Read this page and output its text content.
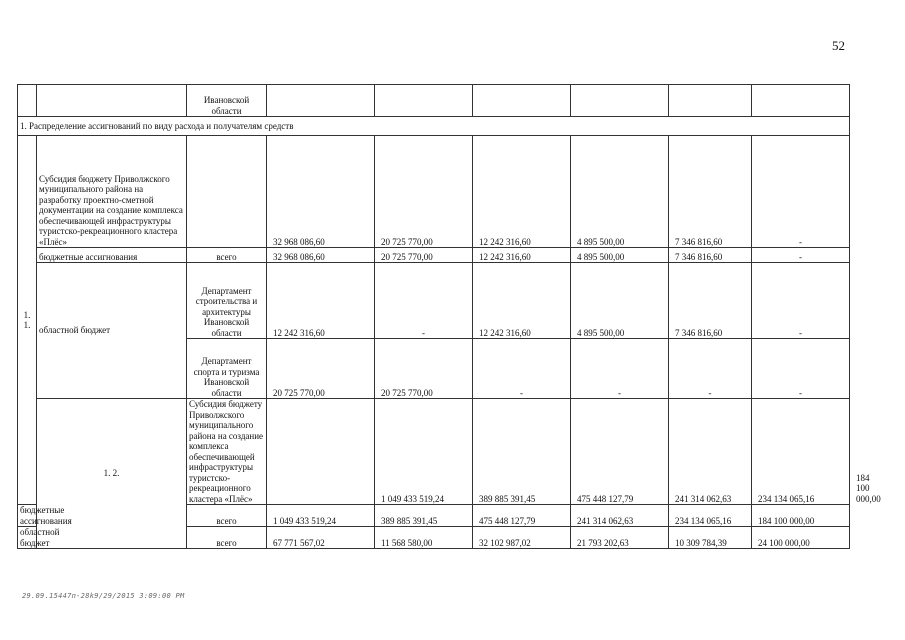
52
		Ивановской области							
1. Распределение ассигнований по виду расхода и получателям средств									
1. 1.	Субсидия бюджету Приволжского муниципального района на разработку проектно-сметной документации на создание комплекса обеспечивающей инфраструктуры туристско-рекреационного кластера «Плёс»		32 968 086,60	20 725 770,00	12 242 316,60	4 895 500,00	7 346 816,60	-	
	бюджетные ассигнования	всего	32 968 086,60	20 725 770,00	12 242 316,60	4 895 500,00	7 346 816,60	-	
	областной бюджет	Департамент строительства и архитектуры Ивановской области	12 242 316,60	-	12 242 316,60	4 895 500,00	7 346 816,60	-	
		Департамент спорта и туризма Ивановской области	20 725 770,00	20 725 770,00	-	-	-	-	
	1. 2.	Субсидия бюджету Приволжского муниципального района на создание комплекса обеспечивающей инфраструктуры туристско-рекреационного кластера «Плёс»		1 049 433 519,24	389 885 391,45	475 448 127,79	241 314 062,63	234 134 065,16	184 100 000,00
бюджетные ассигнования		всего	1 049 433 519,24	389 885 391,45	475 448 127,79	241 314 062,63	234 134 065,16	184 100 000,00	
областной бюджет		всего	67 771 567,02	11 568 580,00	32 102 987,02	21 793 202,63	10 309 784,39	24 100 000,00	
29.09.15447п-28k9/29/2015 3:09:00 PM
